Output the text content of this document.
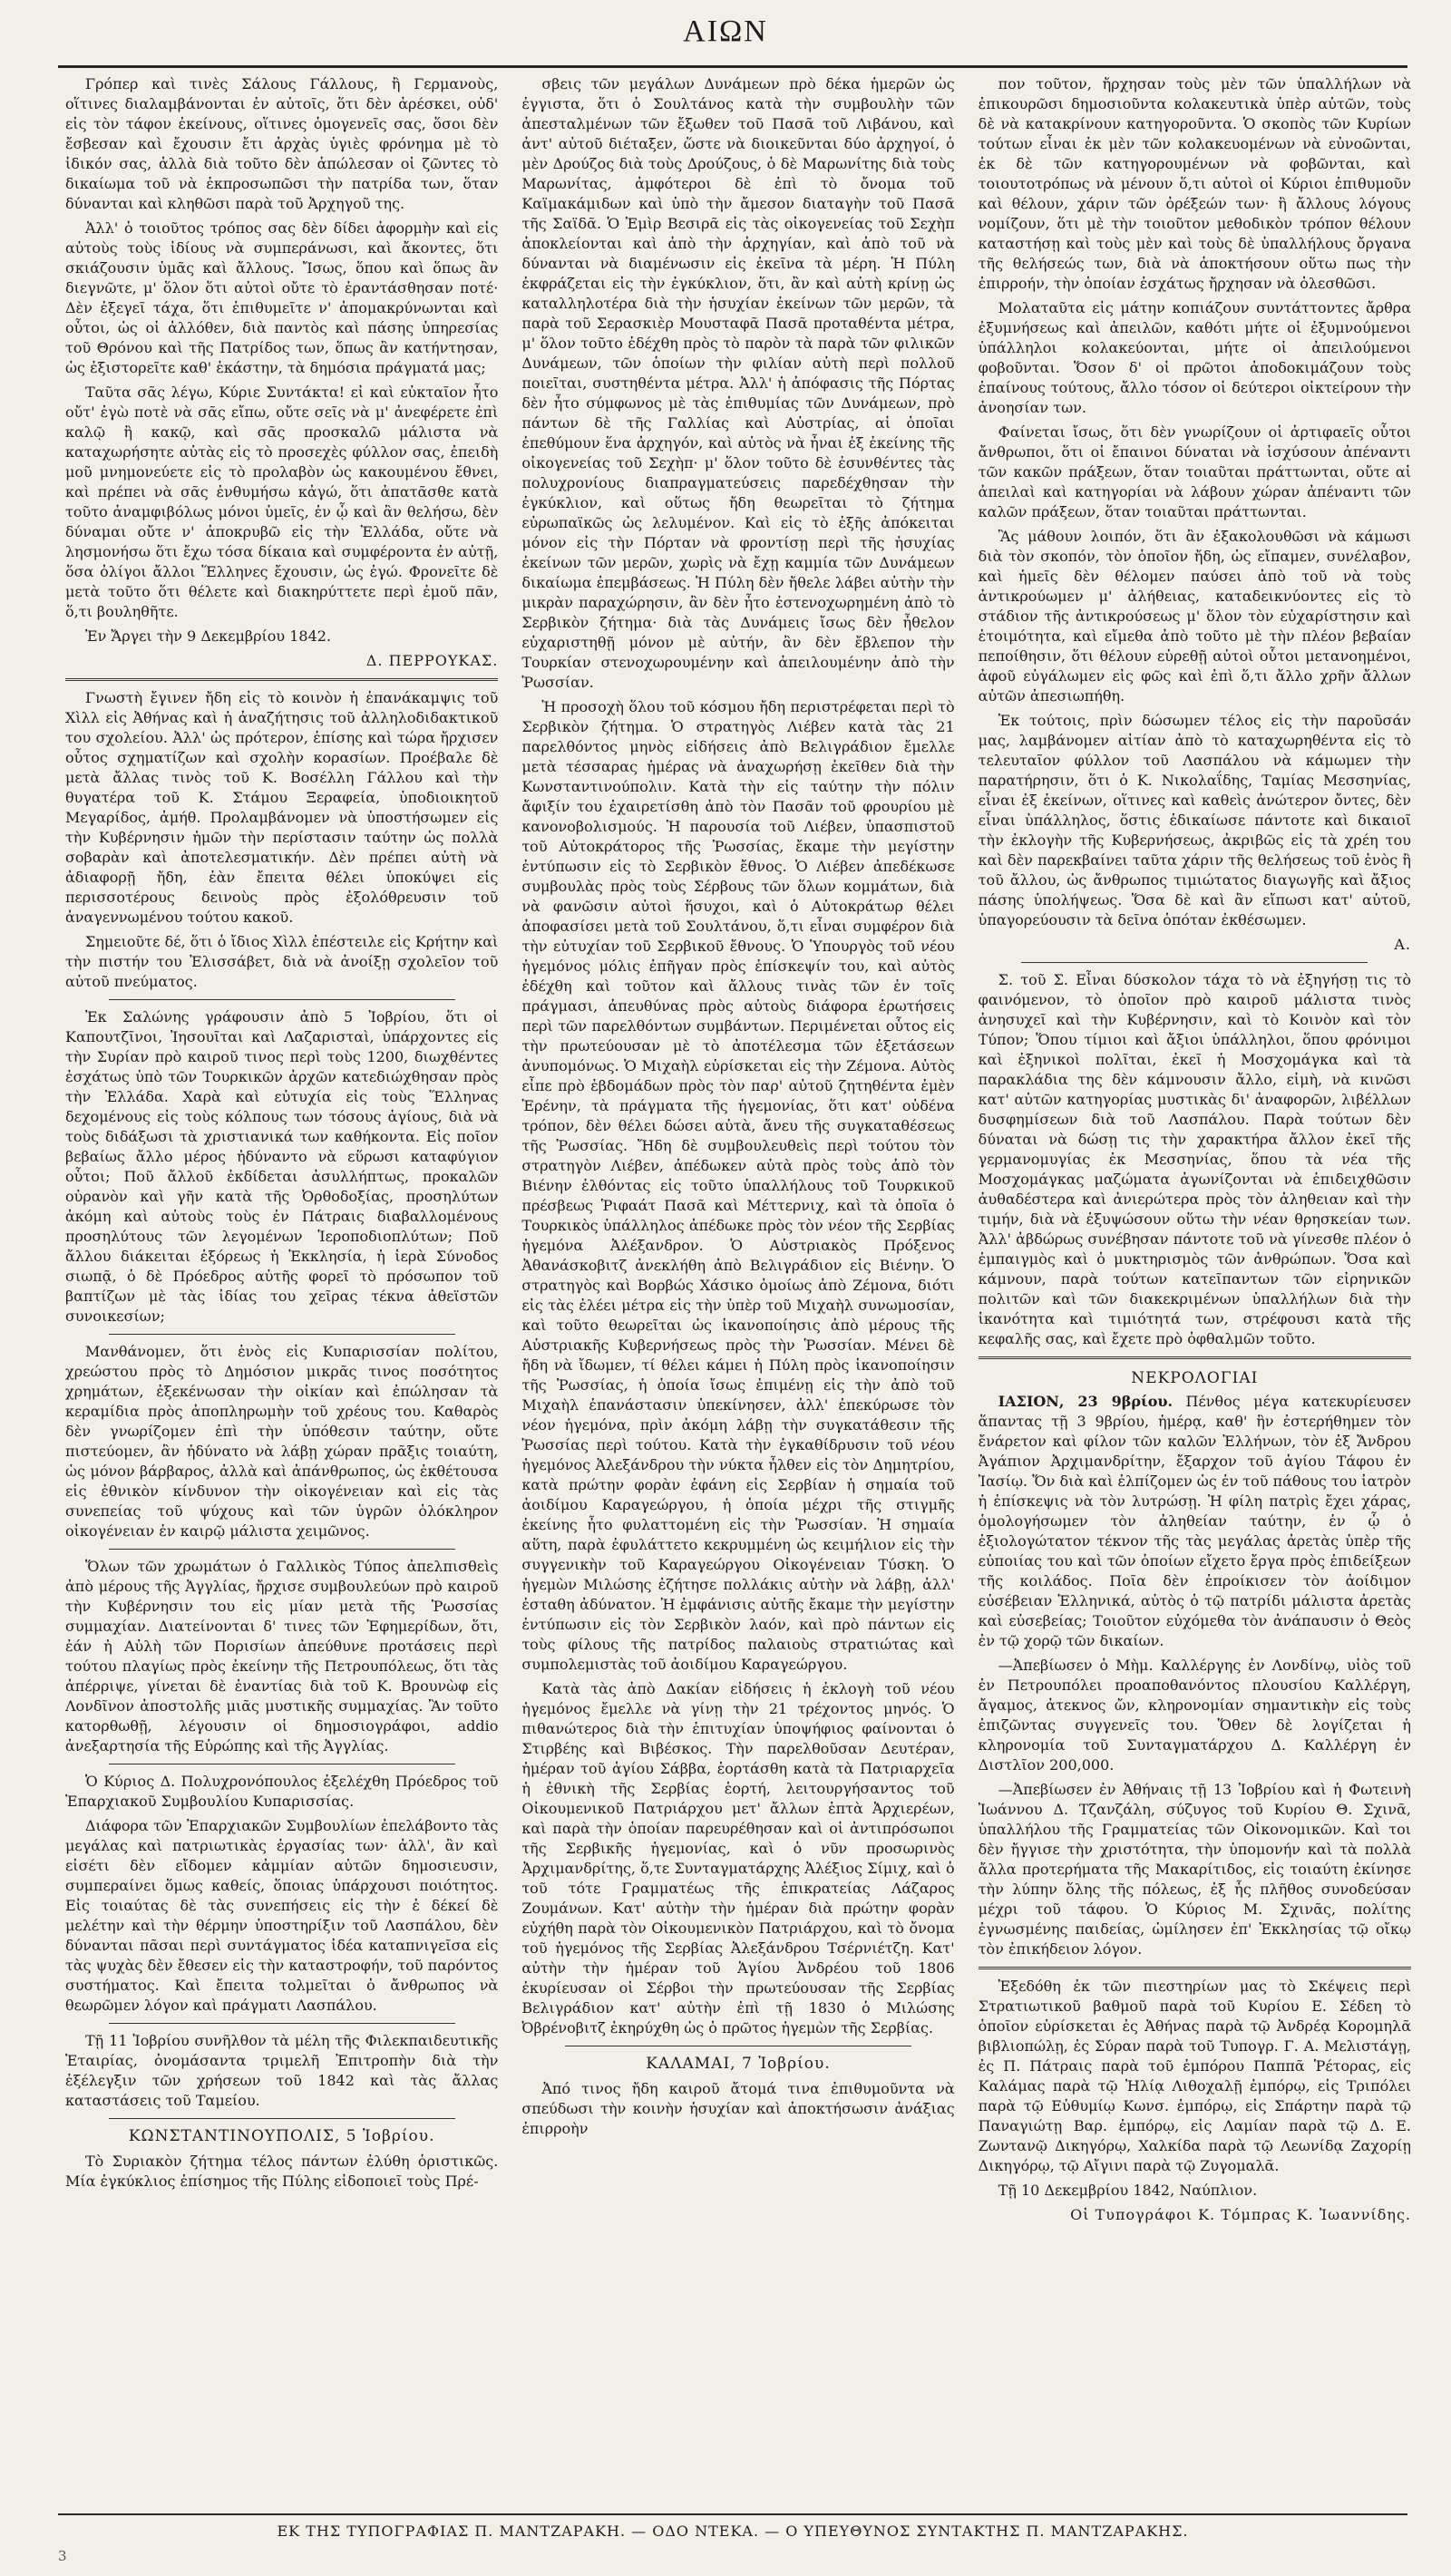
ΑΙΩΝ

Γρόπερ καὶ τινὲς Σάλους Γάλλους, ἢ Γερμανοὺς, οἵτινες διαλαμβάνονται ἐν αὐτοῖς, ὅτι δὲν ἀρέσκει, οὐδ' εἰς τὸν τάφον ἐκείνους, οἵτινες ὁμογενεῖς σας, ὅσοι δὲν ἔσβεσαν καὶ ἔχουσιν ἔτι ἀρχὰς ὑγιὲς φρόνημα μὲ τὸ ἰδικόν σας, ἀλλὰ διὰ τοῦτο δὲν ἀπώλεσαν οἱ ζῶντες τὸ δικαίωμα τοῦ νὰ ἐκπροσωπῶσι τὴν πατρίδα των, ὅταν δύνανται καὶ κληθῶσι παρὰ τοῦ Ἀρχηγοῦ της.

Ἀλλ' ὁ τοιοῦτος τρόπος σας δὲν δίδει ἀφορμὴν καὶ εἰς αὐτοὺς τοὺς ἰδίους νὰ συμπεράνωσι, καὶ ἄκοντες, ὅτι σκιάζουσιν ὑμᾶς καὶ ἄλλους. Ἴσως, ὅπου καὶ ὅπως ἂν διεγνῶτε, μ' ὅλον ὅτι αὐτοὶ οὔτε τὸ ἐραντάσθησαν ποτέ· Δὲν ἐξεγεῖ τάχα, ὅτι ἐπιθυμεῖτε ν' ἀπομακρύνωνται καὶ οὗτοι, ὡς οἱ ἀλλόθεν, διὰ παντὸς καὶ πάσης ὑπηρεσίας τοῦ Θρόνου καὶ τῆς Πατρίδος των, ὅπως ἂν κατήντησαν, ὡς ἐξιστορεῖτε καθ' ἑκάστην, τὰ δημόσια πράγματά μας;

Ταῦτα σᾶς λέγω, Κύριε Συντάκτα! εἰ καὶ εὐκταῖον ἦτο οὔτ' ἐγὼ ποτὲ νὰ σᾶς εἴπω, οὔτε σεῖς νὰ μ' ἀνεφέρετε ἐπὶ καλῷ ἢ κακῷ, καὶ σᾶς προσκαλῶ μάλιστα νὰ καταχωρήσητε αὐτὰς εἰς τὸ προσεχὲς φύλλον σας, ἐπειδὴ μοῦ μνημονεύετε εἰς τὸ προλαβὸν ὡς κακουμένου ἔθνει, καὶ πρέπει νὰ σᾶς ἐνθυμήσω κἀγώ, ὅτι ἀπατᾶσθε κατὰ τοῦτο ἀναμφιβόλως μόνοι ὑμεῖς, ἐν ᾧ καὶ ἂν θελήσω, δὲν δύναμαι οὔτε ν' ἀποκρυβῶ εἰς τὴν Ἑλλάδα, οὔτε νὰ λησμονήσω ὅτι ἔχω τόσα δίκαια καὶ συμφέροντα ἐν αὐτῇ, ὅσα ὀλίγοι ἄλλοι Ἕλληνες ἔχουσιν, ὡς ἐγώ. Φρονεῖτε δὲ μετὰ τοῦτο ὅτι θέλετε καὶ διακηρύττετε περὶ ἐμοῦ πᾶν, ὅ,τι βουληθῆτε.

Ἐν Ἄργει τὴν 9 Δεκεμβρίου 1842.

Δ. ΠΕΡΡΟΥΚΑΣ.

Γνωστὴ ἔγινεν ἤδη εἰς τὸ κοινὸν ἡ ἐπανάκαμψις τοῦ Χὶλλ εἰς Ἀθήνας καὶ ἡ ἀναζήτησις τοῦ ἀλληλοδιδακτικοῦ του σχολείου. Ἀλλ' ὡς πρότερον, ἐπίσης καὶ τώρα ἤρχισεν οὗτος σχηματίζων καὶ σχολὴν κορασίων. Προέβαλε δὲ μετὰ ἄλλας τινὸς τοῦ Κ. Βοσέλλη Γάλλου καὶ τὴν θυγατέρα τοῦ Κ. Στάμου Ξεραφεία, ὑποδιοικητοῦ Μεγαρίδος, ἀμήθ. Προλαμβάνομεν νὰ ὑποστήσωμεν εἰς τὴν Κυβέρνησιν ἡμῶν τὴν περίστασιν ταύτην ὡς πολλὰ σοβαρὰν καὶ ἀποτελεσματικήν. Δὲν πρέπει αὐτὴ νὰ ἀδιαφορῇ ἤδη, ἐὰν ἔπειτα θέλει ὑποκύψει εἰς περισσοτέρους δεινοὺς πρὸς ἐξολόθρευσιν τοῦ ἀναγεννωμένου τούτου κακοῦ.

Σημειοῦτε δέ, ὅτι ὁ ἴδιος Χὶλλ ἐπέστειλε εἰς Κρήτην καὶ τὴν πιστήν του Ἐλισσάβετ, διὰ νὰ ἀνοίξῃ σχολεῖον τοῦ αὐτοῦ πνεύματος.

Ἐκ Σαλώνης γράφουσιν ἀπὸ 5 Ἰοβρίου, ὅτι οἱ Καπουτζῖνοι, Ἰησουῖται καὶ Λαζαρισταὶ, ὑπάρχοντες εἰς τὴν Συρίαν πρὸ καιροῦ τινος περὶ τοὺς 1200, διωχθέντες ἐσχάτως ὑπὸ τῶν Τουρκικῶν ἀρχῶν κατεδιώχθησαν πρὸς τὴν Ἑλλάδα. Χαρὰ καὶ εὐτυχία εἰς τοὺς Ἕλληνας δεχομένους εἰς τοὺς κόλπους των τόσους ἁγίους, διὰ νὰ τοὺς διδάξωσι τὰ χριστιανικά των καθήκοντα. Εἰς ποῖον βεβαίως ἄλλο μέρος ἠδύναντο νὰ εὕρωσι καταφύγιον οὗτοι; Ποῦ ἄλλοῦ ἐκδίδεται ἀσυλλήπτως, προκαλῶν οὐρανὸν καὶ γῆν κατὰ τῆς Ὀρθοδοξίας, προσηλύτων ἀκόμη καὶ αὐτοὺς τοὺς ἐν Πάτραις διαβαλλομένους προσηλύτους τῶν λεγομένων Ἱεροποδιοπλύτων; Ποῦ ἄλλου διάκειται ἐξόρεως ἡ Ἐκκλησία, ἡ ἱερὰ Σύνοδος σιωπᾷ, ὁ δὲ Πρόεδρος αὐτῆς φορεῖ τὸ πρόσωπον τοῦ βαπτίζων μὲ τὰς ἰδίας του χεῖρας τέκνα ἀθεϊστῶν συνοικεσίων;

Μανθάνομεν, ὅτι ἑνὸς εἰς Κυπαρισσίαν πολίτου, χρεώστου πρὸς τὸ Δημόσιον μικρᾶς τινος ποσότητος χρημάτων, ἐξεκένωσαν τὴν οἰκίαν καὶ ἐπώλησαν τὰ κεραμίδια πρὸς ἀποπληρωμὴν τοῦ χρέους του. Καθαρὸς δὲν γνωρίζομεν ἐπὶ τὴν ὑπόθεσιν ταύτην, οὔτε πιστεύομεν, ἂν ἠδύνατο νὰ λάβῃ χώραν πρᾶξις τοιαύτη, ὡς μόνον βάρβαρος, ἀλλὰ καὶ ἀπάνθρωπος, ὡς ἐκθέτουσα εἰς ἐθνικὸν κίνδυνον τὴν οἰκογένειαν καὶ εἰς τὰς συνεπείας τοῦ ψύχους καὶ τῶν ὑγρῶν ὁλόκληρον οἰκογένειαν ἐν καιρῷ μάλιστα χειμῶνος.

Ὅλων τῶν χρωμάτων ὁ Γαλλικὸς Τύπος ἀπελπισθεὶς ἀπὸ μέρους τῆς Ἀγγλίας, ἤρχισε συμβουλεύων πρὸ καιροῦ τὴν Κυβέρνησιν του εἰς μίαν μετὰ τῆς Ῥωσσίας συμμαχίαν. Διατείνονται δ' τινες τῶν Ἐφημερίδων, ὅτι, ἐάν ἡ Αὐλὴ τῶν Πορισίων ἀπεύθυνε προτάσεις περὶ τούτου πλαγίως πρὸς ἐκείνην τῆς Πετρουπόλεως, ὅτι τὰς ἀπέρριψε, γίνεται δὲ ἐναντίας διὰ τοῦ Κ. Βρουνὼφ εἰς Λονδῖνον ἀποστολῆς μιᾶς μυστικῆς συμμαχίας. Ἂν τοῦτο κατορθωθῇ, λέγουσιν οἱ δημοσιογράφοι, addio ἀνεξαρτησία τῆς Εὐρώπης καὶ τῆς Ἀγγλίας.

Ὁ Κύριος Δ. Πολυχρονόπουλος ἐξελέχθη Πρόεδρος τοῦ Ἐπαρχιακοῦ Συμβουλίου Κυπαρισσίας.

Διάφορα τῶν Ἐπαρχιακῶν Συμβουλίων ἐπελάβοντο τὰς μεγάλας καὶ πατριωτικὰς ἐργασίας των· ἀλλ', ἂν καὶ εἰσέτι δὲν εἴδομεν κἀμμίαν αὐτῶν δημοσιευσιν, συμπεραίνει ὅμως καθείς, ὅποιας ὑπάρχουσι ποιότητος. Εἰς τοιαύτας δὲ τὰς συνεπήσεις εἰς τὴν ἐ δέκεί δὲ μελέτην καὶ τὴν θέρμην ὑποστηρίξιν τοῦ Λασπάλου, δὲν δύνανται πᾶσαι περὶ συντάγματος ἰδέα καταπνιγεῖσα εἰς τὰς ψυχὰς δὲν ἔθεσεν εἰς τὴν καταστροφήν, τοῦ παρόντος συστήματος. Καὶ ἔπειτα τολμεῖται ὁ ἄνθρωπος νὰ θεωρῶμεν λόγον καὶ πράγματι Λασπάλου.

Τῇ 11 Ἰοβρίου συνῆλθον τὰ μέλη τῆς Φιλεκπαιδευτικῆς Ἑταιρίας, ὀνομάσαντα τριμελῆ Ἐπιτροπὴν διὰ τὴν ἐξέλεγξιν τῶν χρήσεων τοῦ 1842 καὶ τὰς ἄλλας καταστάσεις τοῦ Ταμείου.

ΚΩΝΣΤΑΝΤΙΝΟΥΠΟΛΙΣ, 5 Ἰοβρίου.

Τὸ Συριακὸν ζήτημα τέλος πάντων ἐλύθη ὁριστικῶς. Μία ἐγκύκλιος ἐπίσημος τῆς Πύλης εἰδοποιεῖ τοὺς Πρέ-

σβεις τῶν μεγάλων Δυνάμεων πρὸ δέκα ἡμερῶν ὡς ἐγγιστα, ὅτι ὁ Σουλτάνος κατὰ τὴν συμβουλὴν τῶν ἀπεσταλμένων τῶν ἔξωθεν τοῦ Πασᾶ τοῦ Λιβάνου, καὶ ἀντ' αὐτοῦ διέταξεν, ὥστε νὰ διοικεῦνται δύο ἀρχηγοί, ὁ μὲν Δρούζος διὰ τοὺς Δρούζους, ὁ δὲ Μαρωνίτης διὰ τοὺς Μαρωνίτας, ἀμφότεροι δὲ ἐπὶ τὸ ὄνομα τοῦ Καϊμακάμιδων καὶ ὑπὸ τὴν ἄμεσον διαταγὴν τοῦ Πασᾶ τῆς Σαϊδᾶ. Ὁ Ἐμὶρ Βεσιρᾶ εἰς τὰς οἰκογενείας τοῦ Σεχὴπ ἀποκλείονται καὶ ἀπὸ τὴν ἀρχηγίαν, καὶ ἀπὸ τοῦ νὰ δύνανται νὰ διαμένωσιν εἰς ἐκεῖνα τὰ μέρη. Ἡ Πύλη ἐκφράζεται εἰς τὴν ἐγκύκλιον, ὅτι, ἂν καὶ αὐτὴ κρίνῃ ὡς καταλληλοτέρα διὰ τὴν ἡσυχίαν ἐκείνων τῶν μερῶν, τὰ παρὰ τοῦ Σερασκιὲρ Μουσταφᾶ Πασᾶ προταθέντα μέτρα, μ' ὅλον τοῦτο ἐδέχθη πρὸς τὸ παρὸν τὰ παρὰ τῶν φιλικῶν Δυνάμεων, τῶν ὁποίων τὴν φιλίαν αὐτὴ περὶ πολλοῦ ποιεῖται, συστηθέντα μέτρα. Ἀλλ' ἡ ἀπόφασις τῆς Πόρτας δὲν ἦτο σύμφωνος μὲ τὰς ἐπιθυμίας τῶν Δυνάμεων, πρὸ πάντων δὲ τῆς Γαλλίας καὶ Αὐστρίας, αἱ ὁποῖαι ἐπεθύμουν ἕνα ἀρχηγόν, καὶ αὐτὸς νὰ ἦναι ἐξ ἐκείνης τῆς οἰκογενείας τοῦ Σεχὴπ· μ' ὅλον τοῦτο δὲ ἐσυνθέντες τὰς πολυχρονίους διαπραγματεύσεις παρεδέχθησαν τὴν ἐγκύκλιον, καὶ οὕτως ἤδη θεωρεῖται τὸ ζήτημα εὐρωπαϊκῶς ὡς λελυμένον. Καὶ εἰς τὸ ἑξῆς ἀπόκειται μόνον εἰς τὴν Πόρταν νὰ φροντίσῃ περὶ τῆς ἡσυχίας ἐκείνων τῶν μερῶν, χωρὶς νὰ ἔχῃ καμμία τῶν Δυνάμεων δικαίωμα ἐπεμβάσεως. Ἡ Πύλη δὲν ἤθελε λάβει αὐτὴν τὴν μικρὰν παραχώρησιν, ἂν δὲν ἦτο ἐστενοχωρημένη ἀπὸ τὸ Σερβικὸν ζήτημα· διὰ τὰς Δυνάμεις ἴσως δὲν ἦθελον εὐχαριστηθῇ μόνον μὲ αὐτήν, ἂν δὲν ἔβλεπον τὴν Τουρκίαν στενοχωρουμένην καὶ ἀπειλουμένην ἀπὸ τὴν Ῥωσσίαν.

Ἡ προσοχὴ ὅλου τοῦ κόσμου ἤδη περιστρέφεται περὶ τὸ Σερβικὸν ζήτημα. Ὁ στρατηγὸς Λιέβεν κατὰ τὰς 21 παρελθόντος μηνὸς εἰδήσεις ἀπὸ Βελιγράδιον ἔμελλε μετὰ τέσσαρας ἡμέρας νὰ ἀναχωρήσῃ ἐκεῖθεν διὰ τὴν Κωνσταντινούπολιν. Κατὰ τὴν εἰς ταύτην τὴν πόλιν ἄφιξίν του ἐχαιρετίσθη ἀπὸ τὸν Πασᾶν τοῦ φρουρίου μὲ κανονοβολισμούς. Ἡ παρουσία τοῦ Λιέβεν, ὑπασπιστοῦ τοῦ Αὐτοκράτορος τῆς Ῥωσσίας, ἔκαμε τὴν μεγίστην ἐντύπωσιν εἰς τὸ Σερβικὸν ἔθνος. Ὁ Λιέβεν ἀπεδέκωσε συμβουλὰς πρὸς τοὺς Σέρβους τῶν ὅλων κομμάτων, διὰ νὰ φανῶσιν αὐτοὶ ἥσυχοι, καὶ ὁ Αὐτοκράτωρ θέλει ἀποφασίσει μετὰ τοῦ Σουλτάνου, ὅ,τι εἶναι συμφέρον διὰ τὴν εὐτυχίαν τοῦ Σερβικοῦ ἔθνους. Ὁ Ὑπουργὸς τοῦ νέου ἡγεμόνος μόλις ἐπῆγαν πρὸς ἐπίσκεψίν του, καὶ αὐτὸς ἐδέχθη καὶ τοῦτον καὶ ἄλλους τινὰς τῶν ἐν τοῖς πράγμασι, ἀπευθύνας πρὸς αὐτοὺς διάφορα ἐρωτήσεις περὶ τῶν παρελθόντων συμβάντων. Περιμένεται οὗτος εἰς τὴν πρωτεύουσαν μὲ τὸ ἀποτέλεσμα τῶν ἐξετάσεων ἀνυπομόνως. Ὁ Μιχαὴλ εὑρίσκεται εἰς τὴν Ζέμονα. Αὐτὸς εἶπε πρὸ ἑβδομάδων πρὸς τὸν παρ' αὐτοῦ ζητηθέντα ἐμὲν Ἐρένην, τὰ πράγματα τῆς ἡγεμονίας, ὅτι κατ' οὐδένα τρόπον, δὲν θέλει δώσει αὐτὰ, ἄνευ τῆς συγκαταθέσεως τῆς Ῥωσσίας. Ἤδη δὲ συμβουλευθεὶς περὶ τούτου τὸν στρατηγὸν Λιέβεν, ἀπέδωκεν αὐτὰ πρὸς τοὺς ἀπὸ τὸν Βιένην ἐλθόντας εἰς τοῦτο ὑπαλλήλους τοῦ Τουρκικοῦ πρέσβεως Ῥιφαάτ Πασᾶ καὶ Μέττερνιχ, καὶ τὰ ὁποῖα ὁ Τουρκικὸς ὑπάλληλος ἀπέδωκε πρὸς τὸν νέον τῆς Σερβίας ἡγεμόνα Ἀλέξανδρον. Ὁ Αὐστριακὸς Πρόξενος Ἀθανάσκοβιτζ ἀνεκλήθη ἀπὸ Βελιγράδιον εἰς Βιένην. Ὁ στρατηγὸς καὶ Βορβώς Χάσικο ὁμοίως ἀπὸ Ζέμονα, διότι εἰς τὰς ἐλέει μέτρα εἰς τὴν ὑπὲρ τοῦ Μιχαὴλ συνωμοσίαν, καὶ τοῦτο θεωρεῖται ὡς ἱκανοποίησις ἀπὸ μέρους τῆς Αὐστριακῆς Κυβερνήσεως πρὸς τὴν Ῥωσσίαν. Μένει δὲ ἤδη νὰ ἴδωμεν, τί θέλει κάμει ἡ Πύλη πρὸς ἱκανοποίησιν τῆς Ῥωσσίας, ἡ ὁποία ἴσως ἐπιμένῃ εἰς τὴν ἀπὸ τοῦ Μιχαὴλ ἐπανάστασιν ὑπεκίνησεν, ἀλλ' ἐπεκύρωσε τὸν νέον ἡγεμόνα, πρὶν ἀκόμη λάβῃ τὴν συγκατάθεσιν τῆς Ῥωσσίας περὶ τούτου. Κατὰ τὴν ἐγκαθίδρυσιν τοῦ νέου ἡγεμόνος Ἀλεξάνδρου τὴν νύκτα ἦλθεν εἰς τὸν Δημητρίου, κατὰ πρώτην φορὰν ἐφάνη εἰς Σερβίαν ἡ σημαία τοῦ ἀοιδίμου Καραγεώργου, ἡ ὁποία μέχρι τῆς στιγμῆς ἐκείνης ἦτο φυλαττομένη εἰς τὴν Ῥωσσίαν. Ἡ σημαία αὕτη, παρὰ ἐφυλάττετο κεκρυμμένη ὡς κειμήλιον εἰς τὴν συγγενικὴν τοῦ Καραγεώργου Οἰκογένειαν Τύσκη. Ὁ ἡγεμὼν Μιλώσης ἐζήτησε πολλάκις αὐτὴν νὰ λάβῃ, ἀλλ' ἐσταθη ἀδύνατον. Ἡ ἐμφάνισις αὐτῆς ἔκαμε τὴν μεγίστην ἐντύπωσιν εἰς τὸν Σερβικὸν λαόν, καὶ πρὸ πάντων εἰς τοὺς φίλους τῆς πατρίδος παλαιοὺς στρατιώτας καὶ συμπολεμιστὰς τοῦ ἀοιδίμου Καραγεώργου.

Κατὰ τὰς ἀπὸ Δακίαν εἰδήσεις ἡ ἐκλογὴ τοῦ νέου ἡγεμόνος ἔμελλε νὰ γίνῃ τὴν 21 τρέχοντος μηνός. Ὁ πιθανώτερος διὰ τὴν ἐπιτυχίαν ὑποψήφιος φαίνονται ὁ Στιρβέης καὶ Βιβέσκος. Τὴν παρελθοῦσαν Δευτέραν, ἡμέραν τοῦ ἁγίου Σάββα, ἑορτάσθη κατὰ τὰ Πατριαρχεῖα ἡ ἐθνικὴ τῆς Σερβίας ἑορτή, λειτουργήσαντος τοῦ Οἰκουμενικοῦ Πατριάρχου μετ' ἄλλων ἑπτὰ Ἀρχιερέων, καὶ παρὰ τὴν ὁποίαν παρευρέθησαν καὶ οἱ ἀντιπρόσωποι τῆς Σερβικῆς ἡγεμονίας, καὶ ὁ νῦν προσωρινὸς Ἀρχιμανδρίτης, ὅ,τε Συνταγματάρχης Ἀλέξιος Σίμιχ, καὶ ὁ τοῦ τότε Γραμματέως τῆς ἐπικρατείας Λάζαρος Ζουμάνων. Κατ' αὐτὴν τὴν ἡμέραν διὰ πρώτην φορὰν εὐχήθη παρὰ τὸν Οἰκουμενικὸν Πατριάρχου, καὶ τὸ ὄνομα τοῦ ἡγεμόνος τῆς Σερβίας Ἀλεξάνδρου Τσέρνιέτζη. Κατ' αὐτὴν τὴν ἡμέραν τοῦ Ἁγίου Ἀνδρέου τοῦ 1806 ἐκυρίευσαν οἱ Σέρβοι τὴν πρωτεύουσαν τῆς Σερβίας Βελιγράδιον κατ' αὐτὴν ἐπὶ τῇ 1830 ὁ Μιλώσης Ὀβρένοβιτζ ἐκηρύχθη ὡς ὁ πρῶτος ἡγεμὼν τῆς Σερβίας.

ΚΑΛΑΜΑΙ, 7 Ἰοβρίου.

Ἀπό τινος ἤδη καιροῦ ἄτομά τινα ἐπιθυμοῦντα νὰ σπεύδωσι τὴν κοινὴν ἡσυχίαν καὶ ἀποκτήσωσιν ἀνάξιας ἐπιρροὴν

πον τοῦτον, ἤρχησαν τοὺς μὲν τῶν ὑπαλλήλων νὰ ἐπικουρῶσι δημοσιοῦντα κολακευτικὰ ὑπὲρ αὐτῶν, τοὺς δὲ νὰ κατακρίνουν κατηγοροῦντα. Ὁ σκοπὸς τῶν Κυρίων τούτων εἶναι ἐκ μὲν τῶν κολακευομένων νὰ εὐνοῶνται, ἐκ δὲ τῶν κατηγορουμένων νὰ φοβῶνται, καὶ τοιουτοτρόπως νὰ μένουν ὅ,τι αὐτοὶ οἱ Κύριοι ἐπιθυμοῦν καὶ θέλουν, χάριν τῶν ὀρέξεών των· ἢ ἄλλους λόγους νομίζουν, ὅτι μὲ τὴν τοιοῦτον μεθοδικὸν τρόπον θέλουν καταστήσῃ καὶ τοὺς μὲν καὶ τοὺς δὲ ὑπαλλήλους ὄργανα τῆς θελήσεώς των, διὰ νὰ ἀποκτήσουν οὕτω πως τὴν ἐπιρροήν, τὴν ὁποίαν ἐσχάτως ἤρχησαν νὰ ὀλεσθῶσι.

Μολαταῦτα εἰς μάτην κοπιάζουν συντάττοντες ἄρθρα ἐξυμνήσεως καὶ ἀπειλῶν, καθότι μήτε οἱ ἐξυμνούμενοι ὑπάλληλοι κολακεύονται, μήτε οἱ ἀπειλούμενοι φοβοῦνται. Ὅσον δ' οἱ πρῶτοι ἀποδοκιμάζουν τοὺς ἐπαίνους τούτους, ἄλλο τόσον οἱ δεύτεροι οἰκτείρουν τὴν ἀνοησίαν των.

Φαίνεται ἴσως, ὅτι δὲν γνωρίζουν οἱ ἀρτιφαεῖς οὗτοι ἄνθρωποι, ὅτι οἱ ἔπαινοι δύναται νὰ ἰσχύσουν ἀπέναντι τῶν κακῶν πράξεων, ὅταν τοιαῦται πράττωνται, οὔτε αἱ ἀπειλαὶ καὶ κατηγορίαι νὰ λάβουν χώραν ἀπέναντι τῶν καλῶν πράξεων, ὅταν τοιαῦται πράττωνται.

Ἂς μάθουν λοιπόν, ὅτι ἂν ἐξακολουθῶσι νὰ κάμωσι διὰ τὸν σκοπόν, τὸν ὁποῖον ἤδη, ὡς εἴπαμεν, συνέλαβον, καὶ ἡμεῖς δὲν θέλομεν παύσει ἀπὸ τοῦ νὰ τοὺς ἀντικρούωμεν μ' ἀλήθειας, καταδεικνύοντες εἰς τὸ στάδιον τῆς ἀντικρούσεως μ' ὅλον τὸν εὐχαρίστησιν καὶ ἑτοιμότητα, καὶ εἴμεθα ἀπὸ τοῦτο μὲ τὴν πλέον βεβαίαν πεποίθησιν, ὅτι θέλουν εὑρεθῇ αὐτοὶ οὗτοι μετανοημένοι, ἀφοῦ εὐγάλωμεν εἰς φῶς καὶ ἐπὶ ὅ,τι ἄλλο χρῆν ἄλλων αὐτῶν ἀπεσιωπήθη.

Ἐκ τούτοις, πρὶν δώσωμεν τέλος εἰς τὴν παροῦσάν μας, λαμβάνομεν αἰτίαν ἀπὸ τὸ καταχωρηθέντα εἰς τὸ τελευταῖον φύλλον τοῦ Λασπάλου νὰ κάμωμεν τὴν παρατήρησιν, ὅτι ὁ Κ. Νικολαΐδης, Ταμίας Μεσσηνίας, εἶναι ἐξ ἐκείνων, οἵτινες καὶ καθεὶς ἀνώτερον ὄντες, δὲν εἶναι ὑπάλληλος, ὅστις ἐδικαίωσε πάντοτε καὶ δικαιοῖ τὴν ἐκλογὴν τῆς Κυβερνήσεως, ἀκριβῶς εἰς τὰ χρέη του καὶ δὲν παρεκβαίνει ταῦτα χάριν τῆς θελήσεως τοῦ ἑνὸς ἢ τοῦ ἄλλου, ὡς ἄνθρωπος τιμιώτατος διαγωγῆς καὶ ἄξιος πάσης ὑπολήψεως. Ὅσα δὲ καὶ ἂν εἴπωσι κατ' αὐτοῦ, ὑπαγορεύουσιν τὰ δεῖνα ὁπόταν ἐκθέσωμεν.

Α.

Σ. τοῦ Σ. Εἶναι δύσκολον τάχα τὸ νὰ ἐξηγήσῃ τις τὸ φαινόμενον, τὸ ὁποῖον πρὸ καιροῦ μάλιστα τινὸς ἀνησυχεῖ καὶ τὴν Κυβέρνησιν, καὶ τὸ Κοινὸν καὶ τὸν Τύπον; Ὅπου τίμιοι καὶ ἄξιοι ὑπάλληλοι, ὅπου φρόνιμοι καὶ ἐξηνικοὶ πολῖται, ἐκεῖ ἡ Μοσχομάγκα καὶ τὰ παρακλάδια της δὲν κάμνουσιν ἄλλο, εἰμὴ, νὰ κινῶσι κατ' αὐτῶν κατηγορίας μυστικὰς δι' ἀναφορῶν, λιβέλλων δυσφημίσεων διὰ τοῦ Λασπάλου. Παρὰ τούτων δὲν δύναται νὰ δώσῃ τις τὴν χαρακτήρα ἄλλον ἐκεῖ τῆς γερμανομυγίας ἐκ Μεσσηνίας, ὅπου τὰ νέα τῆς Μοσχομάγκας μαζώματα ἀγωνίζονται νὰ ἐπιδειχθῶσιν ἀυθαδέστερα καὶ ἀνιερώτερα πρὸς τὸν ἀληθειαν καὶ τὴν τιμήν, διὰ νὰ ἐξυψώσουν οὕτω τὴν νέαν θρησκείαν των. Ἀλλ' ἀβδώρως συνέβησαν πάντοτε τοῦ νὰ γίνεσθε πλέον ὁ ἐμπαιγμὸς καὶ ὁ μυκτηρισμὸς τῶν ἀνθρώπων. Ὅσα καὶ κάμνουν, παρὰ τούτων κατεῖπαντων τῶν εἰρηνικῶν πολιτῶν καὶ τῶν διακεκριμένων ὑπαλλήλων διὰ τὴν ἱκανότητα καὶ τιμιότητά των, στρέφουσι κατὰ τῆς κεφαλῆς σας, καὶ ἔχετε πρὸ ὀφθαλμῶν τοῦτο.

ΝΕΚΡΟΛΟΓΙΑΙ

ΙΑΣΙΟΝ, 23 9βρίου. Πένθος μέγα κατεκυρίευσεν ἅπαντας τῇ 3 9βρίου, ἡμέρᾳ, καθ' ἣν ἐστερήθημεν τὸν ἔνάρετον καὶ φίλον τῶν καλῶν Ἑλλήνων, τὸν ἐξ Ἄνδρου Ἀγάπιον Ἀρχιμανδρίτην, ἔξαρχον τοῦ ἁγίου Τάφου ἐν Ἰασίῳ. Ὅν διὰ καὶ ἐλπίζομεν ὡς ἐν τοῦ πάθους του ἰατρὸν ἡ ἐπίσκεψις νὰ τὸν λυτρώσῃ. Ἡ φίλη πατρὶς ἔχει χάρας, ὁμολογήσωμεν τὸν ἀληθείαν ταύτην, ἐν ᾧ ὁ ἐξιολογώτατον τέκνον τῆς τὰς μεγάλας ἀρετὰς ὑπὲρ τῆς εὐποιίας του καὶ τῶν ὁποίων εἴχετο ἔργα πρὸς ἐπιδείξεων τῆς κοιλάδος. Ποῖα δὲν ἐπροίκισεν τὸν ἀοίδιμον εὐσέβειαν Ἑλληνικά, αὐτὸς ὁ τῷ πατρίδι μάλιστα ἀρετὰς καὶ εὐσεβείας; Τοιοῦτον εὐχόμεθα τὸν ἀνάπαυσιν ὁ Θεὸς ἐν τῷ χορῷ τῶν δικαίων.

—Ἀπεβίωσεν ὁ Μὴμ. Καλλέργης ἐν Λονδίνῳ, υἱὸς τοῦ ἐν Πετρουπόλει προαποθανόντος πλουσίου Καλλέργη, ἄγαμος, ἀτεκνος ὤν, κληρονομίαν σημαντικὴν εἰς τοὺς ἐπιζῶντας συγγενεῖς του. Ὅθεν δὲ λογίζεται ἡ κληρονομία τοῦ Συνταγματάρχου Δ. Καλλέργη ἐν Διστλῖον 200,000.

—Ἀπεβίωσεν ἐν Ἀθήναις τῇ 13 Ἰοβρίου καὶ ἡ Φωτεινὴ Ἰωάννου Δ. Τζανζάλη, σύζυγος τοῦ Κυρίου Θ. Σχινᾶ, ὑπαλλήλου τῆς Γραμματείας τῶν Οἰκονομικῶν. Καὶ τοι δὲν ἤγγισε τὴν χριστότητα, τὴν ὑπομονήν καὶ τὰ πολλὰ ἄλλα προτερήματα τῆς Μακαρίτιδος, εἰς τοιαύτη ἐκίνησε τὴν λύπην ὅλης τῆς πόλεως, ἐξ ἧς πλῆθος συνοδεύσαν μέχρι τοῦ τάφου. Ὁ Κύριος Μ. Σχινᾶς, πολίτης ἐγνωσμένης παιδείας, ὡμίλησεν ἐπ' Ἐκκλησίας τῷ οἴκῳ τὸν ἐπικήδειον λόγον.

Ἐξεδόθη ἐκ τῶν πιεστηρίων μας τὸ Σκέψεις περὶ Στρατιωτικοῦ βαθμοῦ παρὰ τοῦ Κυρίου Ε. Σέδεη τὸ ὁποῖον εὑρίσκεται ἐς Ἀθήνας παρὰ τῷ Ἀνδρέᾳ Κορομηλᾶ βιβλιοπώλῃ, ἐς Σύραν παρὰ τοῦ Τυπογρ. Γ. Α. Μελιστάγῃ, ἐς Π. Πάτραις παρὰ τοῦ ἐμπόρου Παππᾶ Ῥέτορας, εἰς Καλάμας παρὰ τῷ Ἠλίᾳ Λιθοχαλῇ ἐμπόρῳ, εἰς Τριπόλει παρὰ τῷ Εὐθυμίῳ Κωνσ. ἐμπόρῳ, εἰς Σπάρτην παρὰ τῷ Παναγιώτῃ Βαρ. ἐμπόρῳ, εἰς Λαμίαν παρὰ τῷ Δ. Ε. Ζωντανῷ Δικηγόρῳ, Χαλκίδα παρὰ τῷ Λεωνίδᾳ Ζαχορίῃ Δικηγόρῳ, τῷ Αἴγινι παρὰ τῷ Ζυγομαλᾶ.

Τῇ 10 Δεκεμβρίου 1842, Ναύπλιον.

Οἱ Τυπογράφοι Κ. Τόμπρας Κ. Ἰωαννίδης.
ΕΚ ΤΗΣ ΤΥΠΟΓΡΑΦΙΑΣ Π. ΜΑΝΤΖΑΡΑΚΗ. — ΟΔΟ ΝΤΕΚΑ. — Ο ΥΠΕΥΘΥΝΟΣ ΣΥΝΤΑΚΤΗΣ Π. ΜΑΝΤΖΑΡΑΚΗΣ.
3
